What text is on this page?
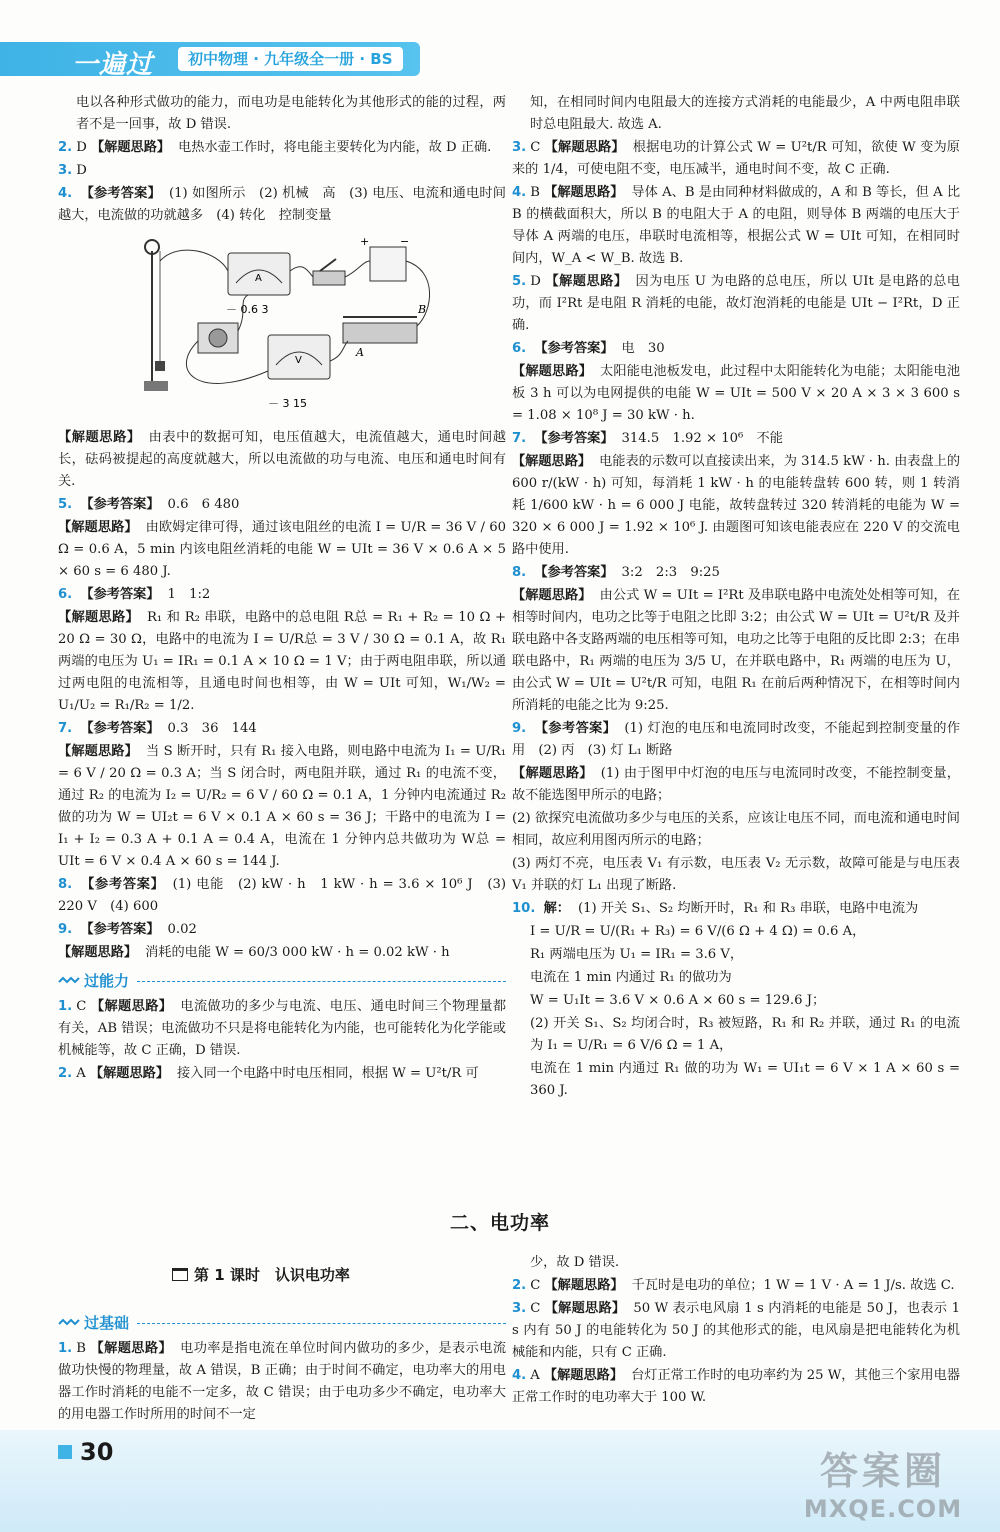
一遍过	初中物理 · 九年级全一册 · BS

电以各种形式做功的能力，而电功是电能转化为其他形式的能的过程，两者不是一回事，故 D 错误.

2. D 【解题思路】 电热水壶工作时，将电能主要转化为内能，故 D 正确.

3. D

4. 【参考答案】 (1) 如图所示　(2) 机械　高　(3) 电压、电流和通电时间越大，电流做的功就越多　(4) 转化　控制变量

A
－ 0.6 3
+	−
V
－ 3 15
B
A

【解题思路】 由表中的数据可知，电压值越大，电流值越大，通电时间越长，砝码被提起的高度就越大，所以电流做的功与电流、电压和通电时间有关.

5. 【参考答案】 0.6　6 480

【解题思路】 由欧姆定律可得，通过该电阻丝的电流 I = U/R = 36 V / 60 Ω = 0.6 A，5 min 内该电阻丝消耗的电能 W = UIt = 36 V × 0.6 A × 5 × 60 s = 6 480 J.

6. 【参考答案】 1　1:2

【解题思路】 R₁ 和 R₂ 串联，电路中的总电阻 R总 = R₁ + R₂ = 10 Ω + 20 Ω = 30 Ω，电路中的电流为 I = U/R总 = 3 V / 30 Ω = 0.1 A，故 R₁ 两端的电压为 U₁ = IR₁ = 0.1 A × 10 Ω = 1 V；由于两电阻串联，所以通过两电阻的电流相等，且通电时间也相等，由 W = UIt 可知，W₁/W₂ = U₁/U₂ = R₁/R₂ = 1/2.

7. 【参考答案】 0.3　36　144

【解题思路】 当 S 断开时，只有 R₁ 接入电路，则电路中电流为 I₁ = U/R₁ = 6 V / 20 Ω = 0.3 A；当 S 闭合时，两电阻并联，通过 R₁ 的电流不变，通过 R₂ 的电流为 I₂ = U/R₂ = 6 V / 60 Ω = 0.1 A，1 分钟内电流通过 R₂ 做的功为 W = UI₂t = 6 V × 0.1 A × 60 s = 36 J；干路中的电流为 I = I₁ + I₂ = 0.3 A + 0.1 A = 0.4 A，电流在 1 分钟内总共做功为 W总 = UIt = 6 V × 0.4 A × 60 s = 144 J.

8. 【参考答案】 (1) 电能　(2) kW · h　1 kW · h = 3.6 × 10⁶ J　(3) 220 V　(4) 600

9. 【参考答案】 0.02

【解题思路】 消耗的电能 W = 60/3 000 kW · h = 0.02 kW · h

过能力

1. C 【解题思路】 电流做功的多少与电流、电压、通电时间三个物理量都有关，AB 错误；电流做功不只是将电能转化为内能，也可能转化为化学能或机械能等，故 C 正确，D 错误.

2. A 【解题思路】 接入同一个电路中时电压相同，根据 W = U²t/R 可

知，在相同时间内电阻最大的连接方式消耗的电能最少，A 中两电阻串联时总电阻最大. 故选 A.

3. C 【解题思路】 根据电功的计算公式 W = U²t/R 可知，欲使 W 变为原来的 1/4，可使电阻不变，电压减半，通电时间不变，故 C 正确.

4. B 【解题思路】 导体 A、B 是由同种材料做成的，A 和 B 等长，但 A 比 B 的横截面积大，所以 B 的电阻大于 A 的电阻，则导体 B 两端的电压大于导体 A 两端的电压，串联时电流相等，根据公式 W = UIt 可知，在相同时间内，W_A < W_B. 故选 B.

5. D 【解题思路】 因为电压 U 为电路的总电压，所以 UIt 是电路的总电功，而 I²Rt 是电阻 R 消耗的电能，故灯泡消耗的电能是 UIt − I²Rt，D 正确.

6. 【参考答案】 电　30

【解题思路】 太阳能电池板发电，此过程中太阳能转化为电能；太阳能电池板 3 h 可以为电网提供的电能 W = UIt = 500 V × 20 A × 3 × 3 600 s = 1.08 × 10⁸ J = 30 kW · h.

7. 【参考答案】 314.5　1.92 × 10⁶　不能

【解题思路】 电能表的示数可以直接读出来，为 314.5 kW · h. 由表盘上的 600 r/(kW · h) 可知，每消耗 1 kW · h 的电能转盘转 600 转，则 1 转消耗 1/600 kW · h = 6 000 J 电能，故转盘转过 320 转消耗的电能为 W = 320 × 6 000 J = 1.92 × 10⁶ J. 由题图可知该电能表应在 220 V 的交流电路中使用.

8. 【参考答案】 3:2　2:3　9:25

【解题思路】 由公式 W = UIt = I²Rt 及串联电路中电流处处相等可知，在相等时间内，电功之比等于电阻之比即 3:2；由公式 W = UIt = U²t/R 及并联电路中各支路两端的电压相等可知，电功之比等于电阻的反比即 2:3；在串联电路中，R₁ 两端的电压为 3/5 U，在并联电路中，R₁ 两端的电压为 U，由公式 W = UIt = U²t/R 可知，电阻 R₁ 在前后两种情况下，在相等时间内所消耗的电能之比为 9:25.

9. 【参考答案】 (1) 灯泡的电压和电流同时改变，不能起到控制变量的作用　(2) 丙　(3) 灯 L₁ 断路

【解题思路】 (1) 由于图甲中灯泡的电压与电流同时改变，不能控制变量，故不能选图甲所示的电路；

(2) 欲探究电流做功多少与电压的关系，应该让电压不同，而电流和通电时间相同，故应利用图丙所示的电路；

(3) 两灯不亮，电压表 V₁ 有示数，电压表 V₂ 无示数，故障可能是与电压表 V₁ 并联的灯 L₁ 出现了断路.

10. 解： (1) 开关 S₁、S₂ 均断开时，R₁ 和 R₃ 串联，电路中电流为

I = U/R = U/(R₁ + R₃) = 6 V/(6 Ω + 4 Ω) = 0.6 A，

R₁ 两端电压为 U₁ = IR₁ = 3.6 V，

电流在 1 min 内通过 R₁ 的做功为

W = U₁It = 3.6 V × 0.6 A × 60 s = 129.6 J；

(2) 开关 S₁、S₂ 均闭合时，R₃ 被短路，R₁ 和 R₂ 并联，通过 R₁ 的电流为 I₁ = U/R₁ = 6 V/6 Ω = 1 A，

电流在 1 min 内通过 R₁ 做的功为 W₁ = UI₁t = 6 V × 1 A × 60 s = 360 J.

二、电功率
第 1 课时　认识电功率
过基础

1. B 【解题思路】 电功率是指电流在单位时间内做功的多少，是表示电流做功快慢的物理量，故 A 错误，B 正确；由于时间不确定，电功率大的用电器工作时消耗的电能不一定多，故 C 错误；由于电功多少不确定，电功率大的用电器工作时所用的时间不一定

少，故 D 错误.

2. C 【解题思路】 千瓦时是电功的单位；1 W = 1 V · A = 1 J/s. 故选 C.

3. C 【解题思路】 50 W 表示电风扇 1 s 内消耗的电能是 50 J，也表示 1 s 内有 50 J 的电能转化为 50 J 的其他形式的能，电风扇是把电能转化为机械能和内能，只有 C 正确.

4. A 【解题思路】 台灯正常工作时的电功率约为 25 W，其他三个家用电器正常工作时的电功率大于 100 W.

30	答案圈
MXQE.COM
